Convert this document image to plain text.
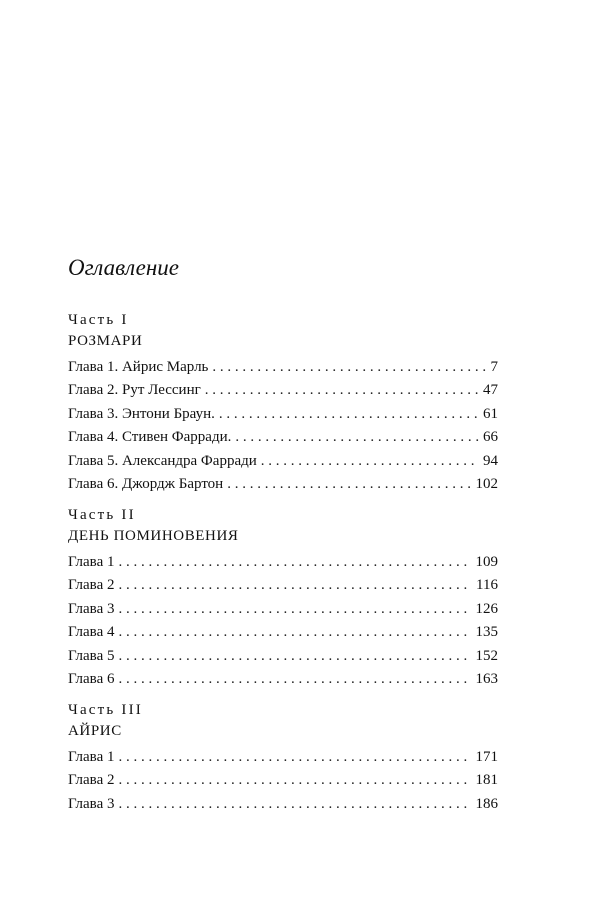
Оглавление
Часть I
РОЗМАРИ
Глава 1. Айрис Марль . . .	7
Глава 2. Рут Лессинг . . .	47
Глава 3. Энтони Браун. . . .	61
Глава 4. Стивен Фарради. . . .	66
Глава 5. Александра Фарради . . .	94
Глава 6. Джордж Бартон . . .	102
Часть II
ДЕНЬ ПОМИНОВЕНИЯ
Глава 1 . . .	109
Глава 2 . . .	116
Глава 3 . . .	126
Глава 4 . . .	135
Глава 5 . . .	152
Глава 6 . . .	163
Часть III
АЙРИС
Глава 1 . . .	171
Глава 2 . . .	181
Глава 3 . . .	186
